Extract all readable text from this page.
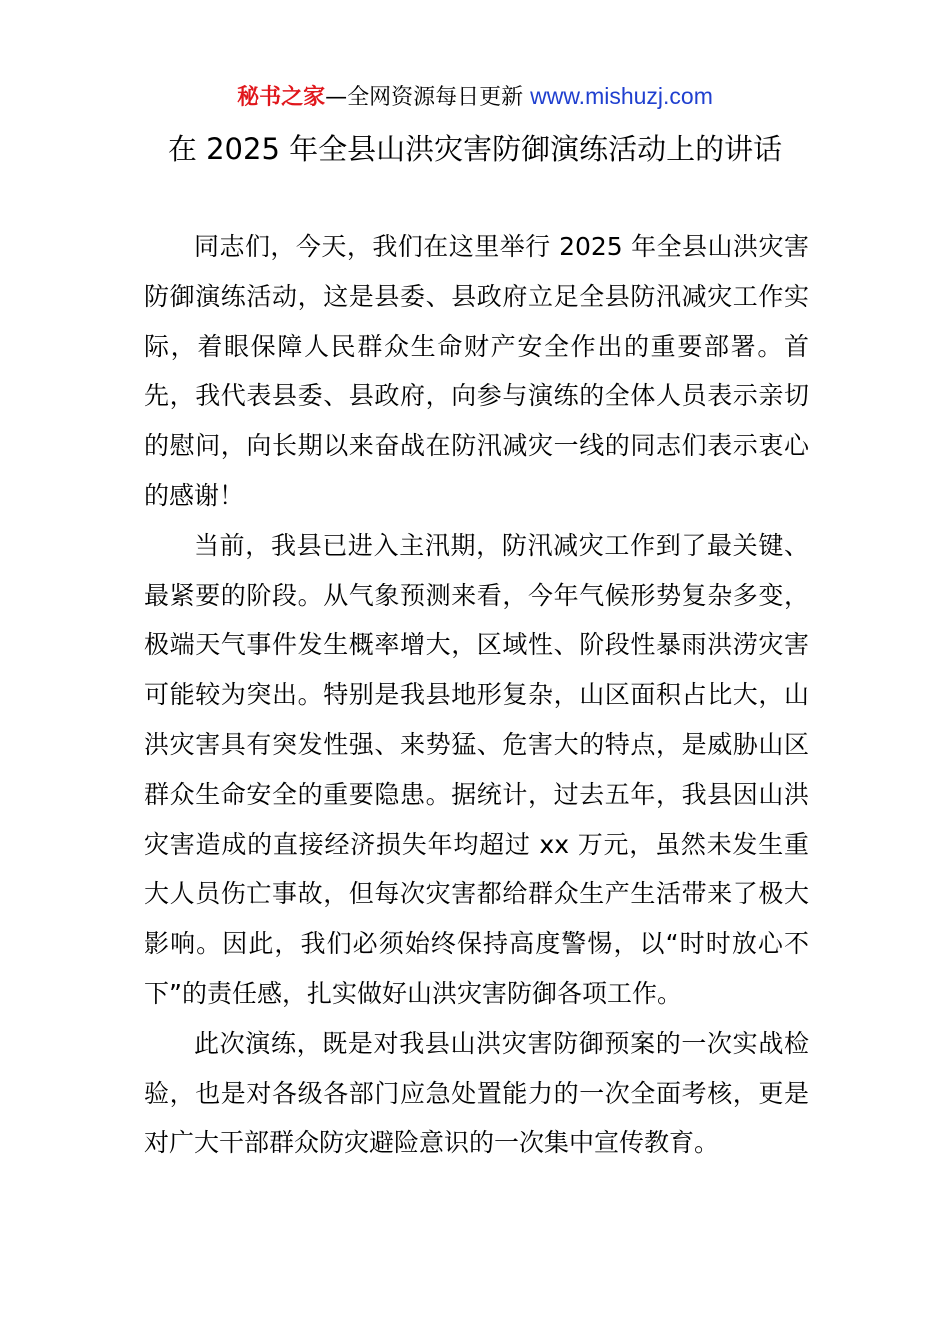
秘书之家—全网资源每日更新 www.mishuzj.com
在 2025 年全县山洪灾害防御演练活动上的讲话

同志们，今天，我们在这里举行 2025 年全县山洪灾害防御演练活动，这是县委、县政府立足全县防汛减灾工作实际，着眼保障人民群众生命财产安全作出的重要部署。首先，我代表县委、县政府，向参与演练的全体人员表示亲切的慰问，向长期以来奋战在防汛减灾一线的同志们表示衷心的感谢！

当前，我县已进入主汛期，防汛减灾工作到了最关键、最紧要的阶段。从气象预测来看，今年气候形势复杂多变，极端天气事件发生概率增大，区域性、阶段性暴雨洪涝灾害可能较为突出。特别是我县地形复杂，山区面积占比大，山洪灾害具有突发性强、来势猛、危害大的特点，是威胁山区群众生命安全的重要隐患。据统计，过去五年，我县因山洪灾害造成的直接经济损失年均超过 xx 万元，虽然未发生重大人员伤亡事故，但每次灾害都给群众生产生活带来了极大影响。因此，我们必须始终保持高度警惕，以“时时放心不下”的责任感，扎实做好山洪灾害防御各项工作。

此次演练，既是对我县山洪灾害防御预案的一次实战检验，也是对各级各部门应急处置能力的一次全面考核，更是对广大干部群众防灾避险意识的一次集中宣传教育。
